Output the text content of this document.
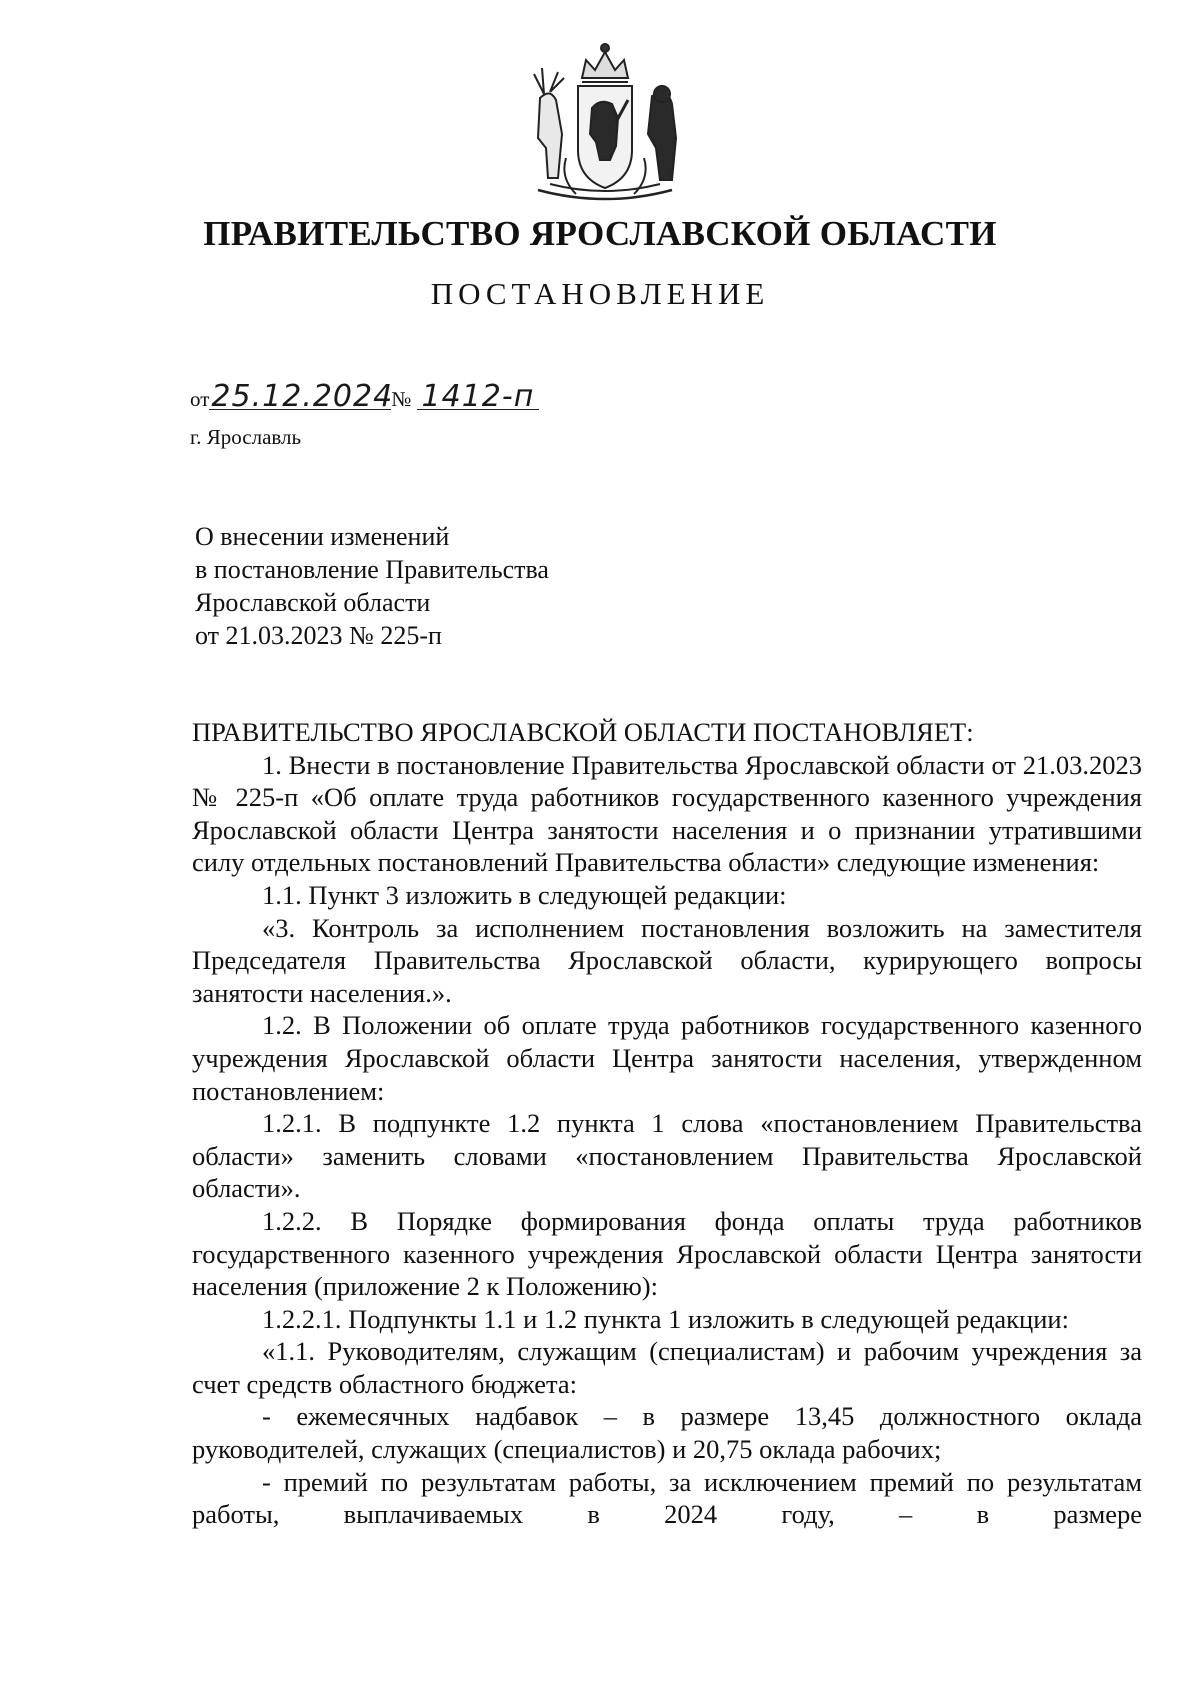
ПРАВИТЕЛЬСТВО ЯРОСЛАВСКОЙ ОБЛАСТИ
ПОСТАНОВЛЕНИЕ
от25.12.2024№ 1412-п
г. Ярославль
О внесении изменений
в постановление Правительства
Ярославской области
от 21.03.2023 № 225-п
ПРАВИТЕЛЬСТВО ЯРОСЛАВСКОЙ ОБЛАСТИ ПОСТАНОВЛЯЕТ:
1. Внести в постановление Правительства Ярославской области от 21.03.2023 № 225-п «Об оплате труда работников государственного казенного учреждения Ярославской области Центра занятости населения и о признании утратившими силу отдельных постановлений Правительства области» следующие изменения:
1.1. Пункт 3 изложить в следующей редакции:
«3. Контроль за исполнением постановления возложить на заместителя Председателя Правительства Ярославской области, курирующего вопросы занятости населения.».
1.2. В Положении об оплате труда работников государственного казенного учреждения Ярославской области Центра занятости населения, утвержденном постановлением:
1.2.1. В подпункте 1.2 пункта 1 слова «постановлением Правительства области» заменить словами «постановлением Правительства Ярославской области».
1.2.2. В Порядке формирования фонда оплаты труда работников государственного казенного учреждения Ярославской области Центра занятости населения (приложение 2 к Положению):
1.2.2.1. Подпункты 1.1 и 1.2 пункта 1 изложить в следующей редакции:
«1.1. Руководителям, служащим (специалистам) и рабочим учреждения за счет средств областного бюджета:
- ежемесячных надбавок – в размере 13,45 должностного оклада руководителей, служащих (специалистов) и 20,75 оклада рабочих;
- премий по результатам работы, за исключением премий по результатам работы, выплачиваемых в 2024 году, – в размере
